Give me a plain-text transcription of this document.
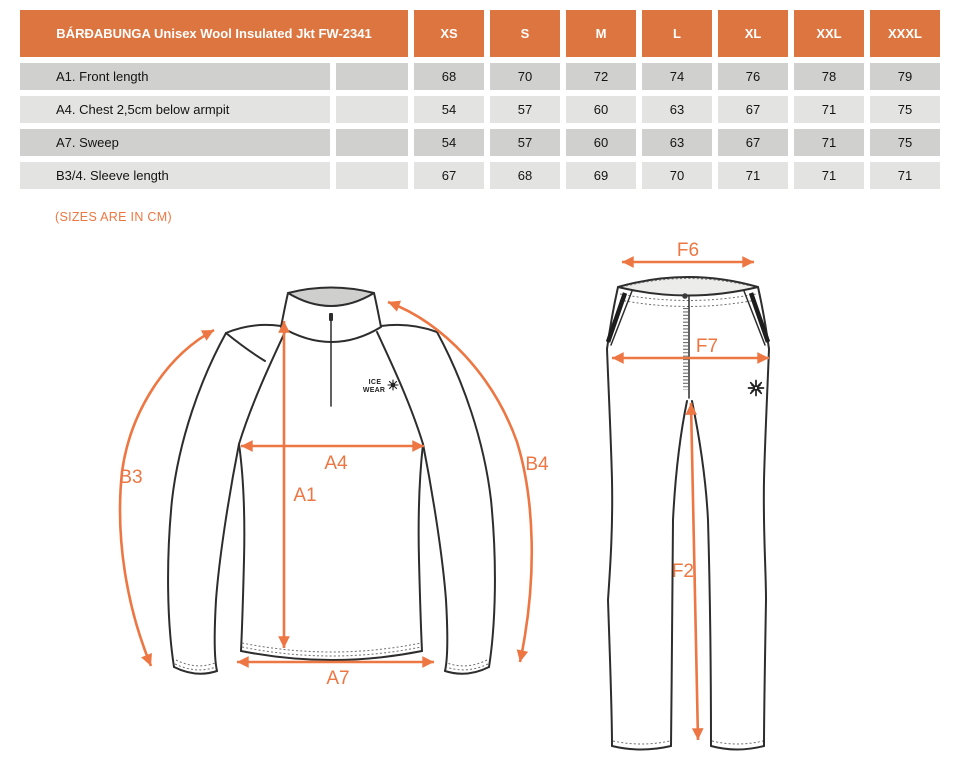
BÁRÐABUNGA Unisex Wool Insulated Jkt FW-2341	XS	S	M	L	XL	XXL	XXXL
A1. Front length	68	70	72	74	76	78	79
A4. Chest 2,5cm below armpit	54	57	60	63	67	71	75
A7. Sweep	54	57	60	63	67	71	75
B3/4. Sleeve length	67	68	69	70	71	71	71
(SIZES ARE IN CM)
ICE
WEAR
B3
A4
A1
B4
A7
F6
F7
F2
